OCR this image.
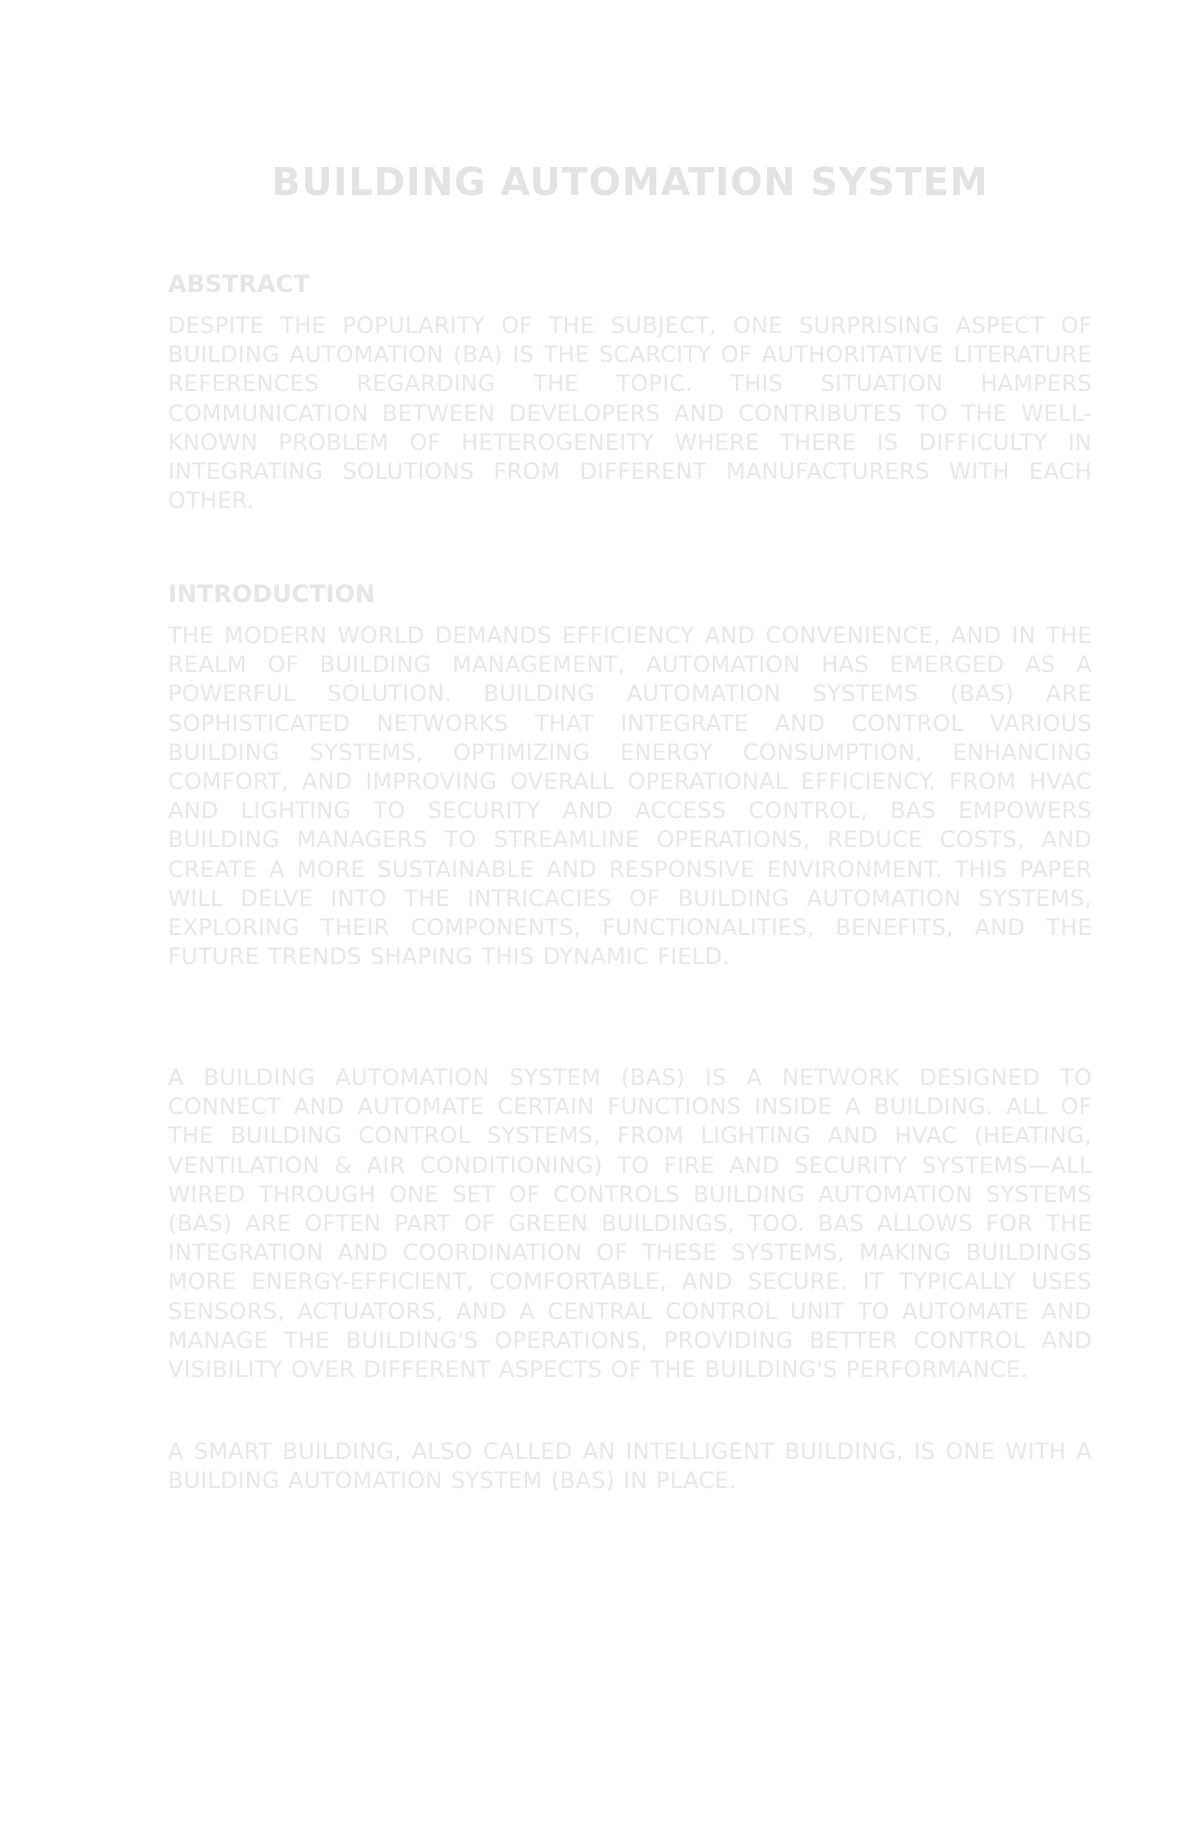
BUILDING AUTOMATION SYSTEM
ABSTRACT
DESPITE THE POPULARITY OF THE SUBJECT, ONE SURPRISING ASPECT OF BUILDING AUTOMATION (BA) IS THE SCARCITY OF AUTHORITATIVE LITERATURE REFERENCES REGARDING THE TOPIC. THIS SITUATION HAMPERS COMMUNICATION BETWEEN DEVELOPERS AND CONTRIBUTES TO THE WELL-KNOWN PROBLEM OF HETEROGENEITY WHERE THERE IS DIFFICULTY IN INTEGRATING SOLUTIONS FROM DIFFERENT MANUFACTURERS WITH EACH OTHER.
INTRODUCTION
THE MODERN WORLD DEMANDS EFFICIENCY AND CONVENIENCE, AND IN THE REALM OF BUILDING MANAGEMENT, AUTOMATION HAS EMERGED AS A POWERFUL SOLUTION. BUILDING AUTOMATION SYSTEMS (BAS) ARE SOPHISTICATED NETWORKS THAT INTEGRATE AND CONTROL VARIOUS BUILDING SYSTEMS, OPTIMIZING ENERGY CONSUMPTION, ENHANCING COMFORT, AND IMPROVING OVERALL OPERATIONAL EFFICIENCY. FROM HVAC AND LIGHTING TO SECURITY AND ACCESS CONTROL, BAS EMPOWERS BUILDING MANAGERS TO STREAMLINE OPERATIONS, REDUCE COSTS, AND CREATE A MORE SUSTAINABLE AND RESPONSIVE ENVIRONMENT. THIS PAPER WILL DELVE INTO THE INTRICACIES OF BUILDING AUTOMATION SYSTEMS, EXPLORING THEIR COMPONENTS, FUNCTIONALITIES, BENEFITS, AND THE FUTURE TRENDS SHAPING THIS DYNAMIC FIELD.
A BUILDING AUTOMATION SYSTEM (BAS) IS A NETWORK DESIGNED TO CONNECT AND AUTOMATE CERTAIN FUNCTIONS INSIDE A BUILDING. ALL OF THE BUILDING CONTROL SYSTEMS, FROM LIGHTING AND HVAC (HEATING, VENTILATION & AIR CONDITIONING) TO FIRE AND SECURITY SYSTEMS—ALL WIRED THROUGH ONE SET OF CONTROLS BUILDING AUTOMATION SYSTEMS (BAS) ARE OFTEN PART OF GREEN BUILDINGS, TOO. BAS ALLOWS FOR THE INTEGRATION AND COORDINATION OF THESE SYSTEMS, MAKING BUILDINGS MORE ENERGY-EFFICIENT, COMFORTABLE, AND SECURE. IT TYPICALLY USES SENSORS, ACTUATORS, AND A CENTRAL CONTROL UNIT TO AUTOMATE AND MANAGE THE BUILDING'S OPERATIONS, PROVIDING BETTER CONTROL AND VISIBILITY OVER DIFFERENT ASPECTS OF THE BUILDING'S PERFORMANCE.
A SMART BUILDING, ALSO CALLED AN INTELLIGENT BUILDING, IS ONE WITH A BUILDING AUTOMATION SYSTEM (BAS) IN PLACE.
